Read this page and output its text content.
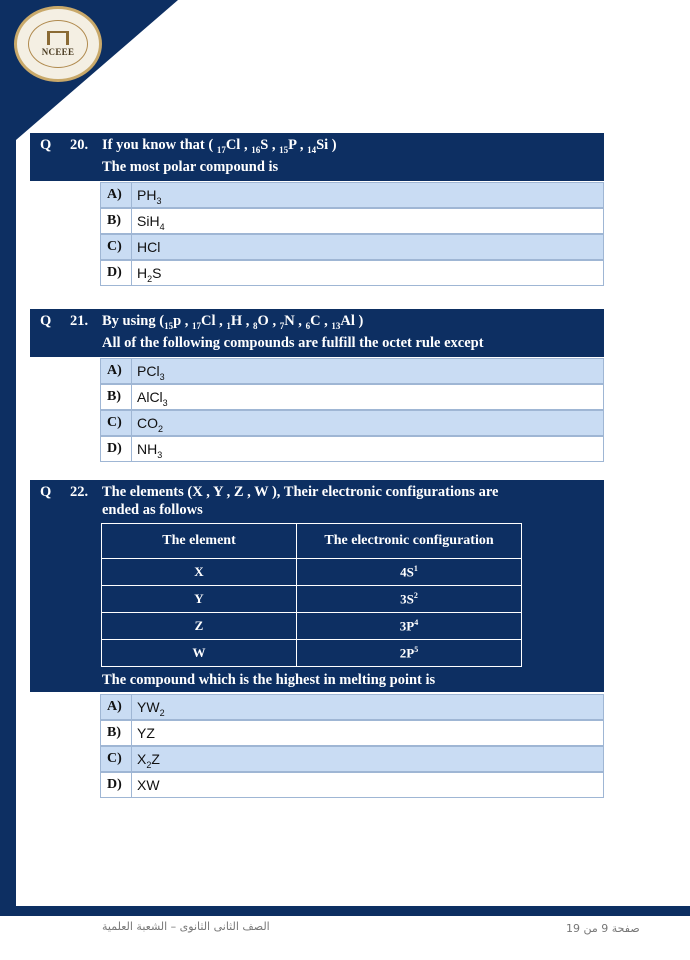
NCEEE
Q 20. If you know that ( $_{17}$Cl , $_{16}$S , $_{15}$P , $_{14}$Si )
The most polar compound is
A) $PH_3$
B) SiH$_4$
C) HCl
D) $H_2S$
Q 21. By using ($_{15}p$ , $_{17}$Cl , $_1$H , $_8$O , $_7$N , $_6$C , $_{13}$Al )
All of the following compounds are fulfill the octet rule except
A) PCl$_3$
B) AlCl$_3$
C) $CO_2$
D) $NH_3$
Q 22. The elements (X , Y , Z , W ), Their electronic configurations are
ended as follows
The compound which is the highest in melting point is
The element	The electronic configuration
X	$4S^1$
Y	$3S^2$
Z	$3P^4$
W	$2P^5$
A) $YW_2$
B) YZ
C) $X_2Z$
D) XW
الصف الثانى الثانوى – الشعبة العلمية	صفحة 9 من 19
